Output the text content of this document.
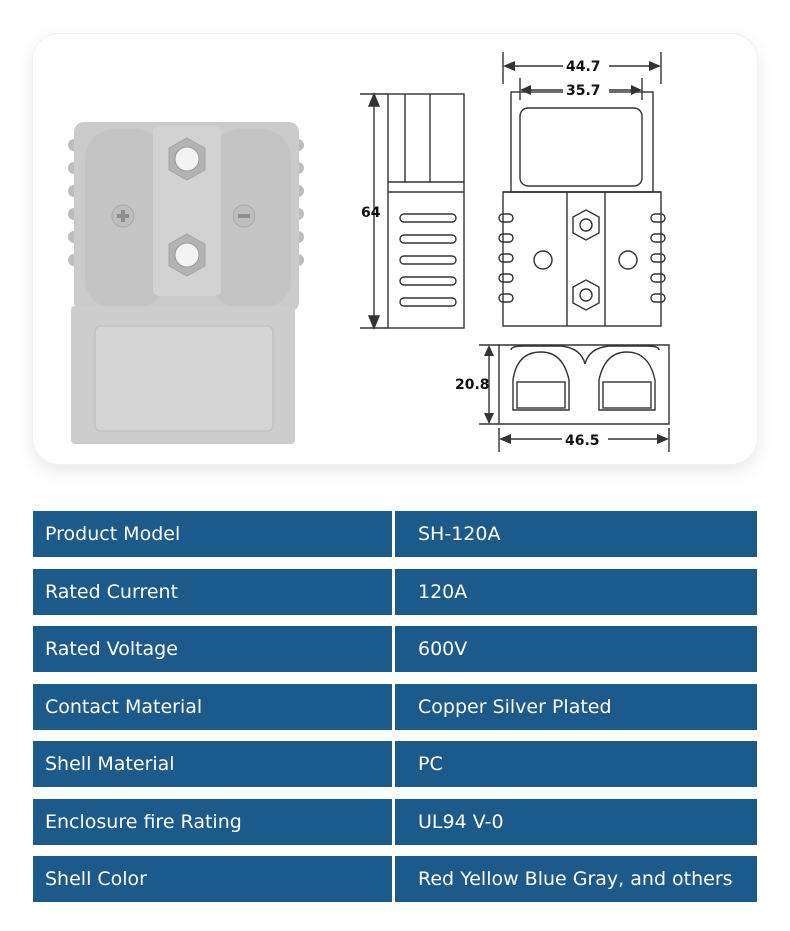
64
44.7
35.7
20.8
46.5
Product Model	SH-120A
Rated Current	120A
Rated Voltage	600V
Contact Material	Copper Silver Plated
Shell Material	PC
Enclosure fire Rating	UL94 V-0
Shell Color	Red Yellow Blue Gray, and others
